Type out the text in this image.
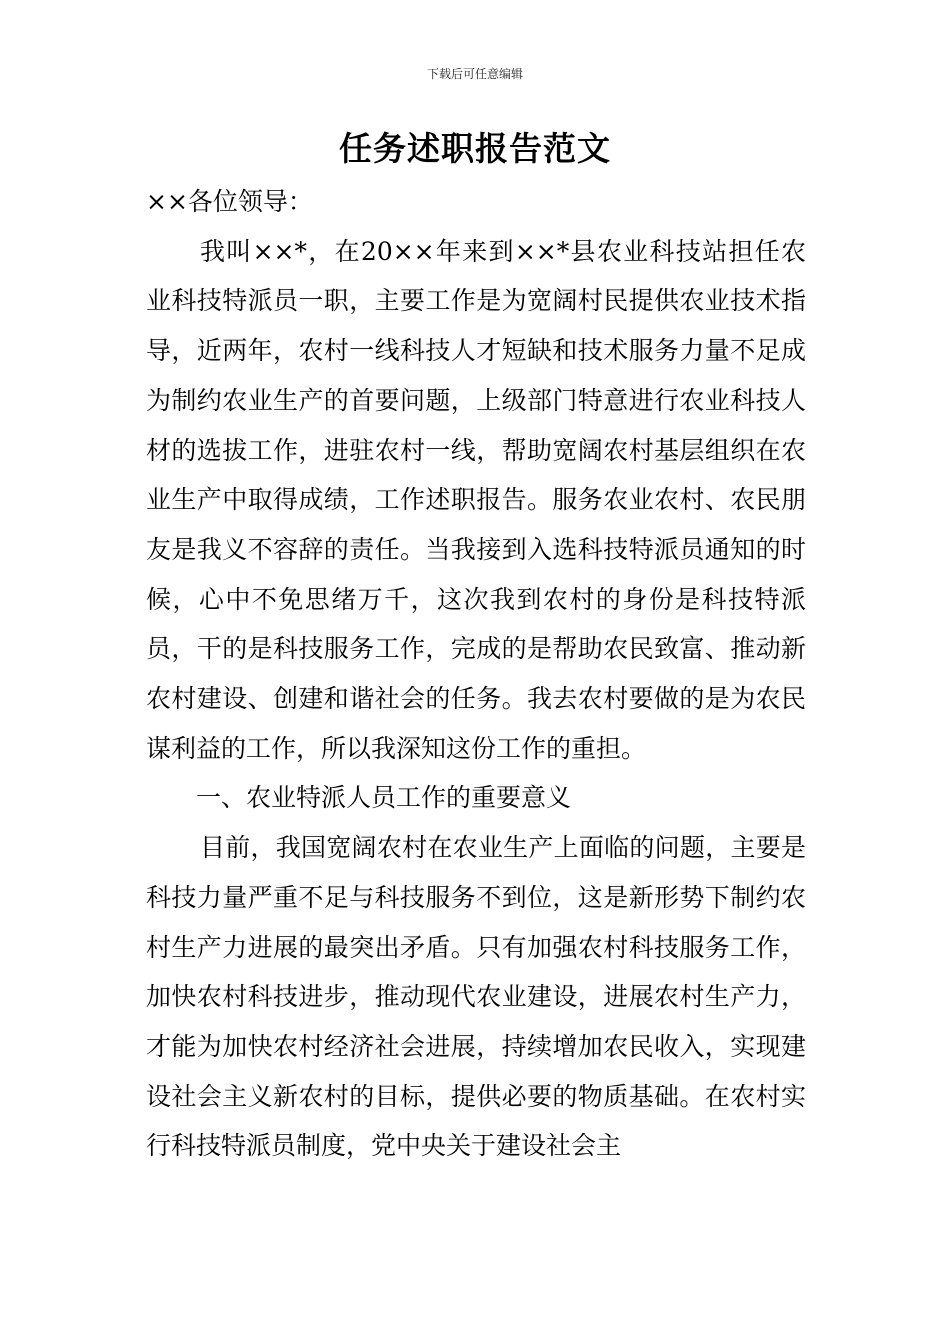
下载后可任意编辑
任务述职报告范文

××各位领导：

我叫××*，在20××年来到××*县农业科技站担任农业科技特派员一职，主要工作是为宽阔村民提供农业技术指导，近两年，农村一线科技人才短缺和技术服务力量不足成为制约农业生产的首要问题，上级部门特意进行农业科技人材的选拔工作，进驻农村一线，帮助宽阔农村基层组织在农业生产中取得成绩，工作述职报告。服务农业农村、农民朋友是我义不容辞的责任。当我接到入选科技特派员通知的时候，心中不免思绪万千，这次我到农村的身份是科技特派员，干的是科技服务工作，完成的是帮助农民致富、推动新农村建设、创建和谐社会的任务。我去农村要做的是为农民谋利益的工作，所以我深知这份工作的重担。

一、农业特派人员工作的重要意义

目前，我国宽阔农村在农业生产上面临的问题，主要是科技力量严重不足与科技服务不到位，这是新形势下制约农村生产力进展的最突出矛盾。只有加强农村科技服务工作，加快农村科技进步，推动现代农业建设，进展农村生产力，才能为加快农村经济社会进展，持续增加农民收入，实现建设社会主义新农村的目标，提供必要的物质基础。在农村实行科技特派员制度，党中央关于建设社会主
